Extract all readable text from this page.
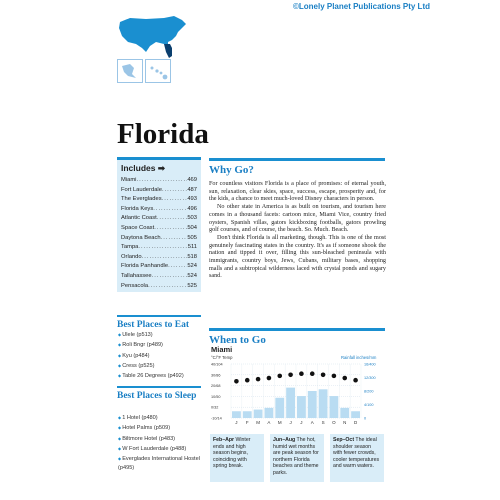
©Lonely Planet Publications Pty Ltd
Florida
Includes ➡
Miami .....	469
Fort Lauderdale .....	487
The Everglades .....	493
Florida Keys .....	496
Atlantic Coast .....	503
Space Coast .....	504
Daytona Beach .....	505
Tampa .....	511
Orlando .....	518
Florida Panhandle .....	524
Tallahassee .....	524
Pensacola .....	525
Best Places to Eat
◆ Ulele (p513)
◆ Roli Bngr (p489)
◆ Kyu (p484)
◆ Cress (p525)
◆ Table 26 Degrees (p492)
Best Places to Sleep
◆ 1 Hotel (p480)
◆ Hotel Palms (p509)
◆ Biltmore Hotel (p483)
◆ W Fort Lauderdale (p488)
◆ Everglades International Hostel (p495)
Why Go?

For countless visitors Florida is a place of promises: of eternal youth, sun, relaxation, clear skies, space, success, escape, prosperity and, for the kids, a chance to meet much-loved Disney characters in person.

No other state in America is as built on tourism, and tourism here comes in a thousand facets: cartoon mice, Miami Vice, country fried oysters, Spanish villas, gators kickboxing footballs, gators prowling golf courses, and of course, the beach. So. Much. Beach.

Don't think Florida is all marketing, though. This is one of the most genuinely fascinating states in the country. It's as if someone shook the nation and tipped it over, filling this sun-bleached peninsula with immigrants, country boys, Jews, Cubans, military bases, shopping malls and a subtropical wilderness laced with crystal ponds and sugary sand.

When to Go
Miami
°C/°F Temp	Rainfall inches/mm
J F M A M J J A S O N D
40/104
30/86
20/68
10/50
0/32
-10/14
16/400
12/300
8/200
4/100
0
Feb–Apr Winter ends and high season begins, coinciding with spring break.
Jun–Aug The hot, humid wet months are peak season for northern Florida beaches and theme parks.
Sep–Oct The ideal shoulder season with fewer crowds, cooler temperatures and warm waters.
